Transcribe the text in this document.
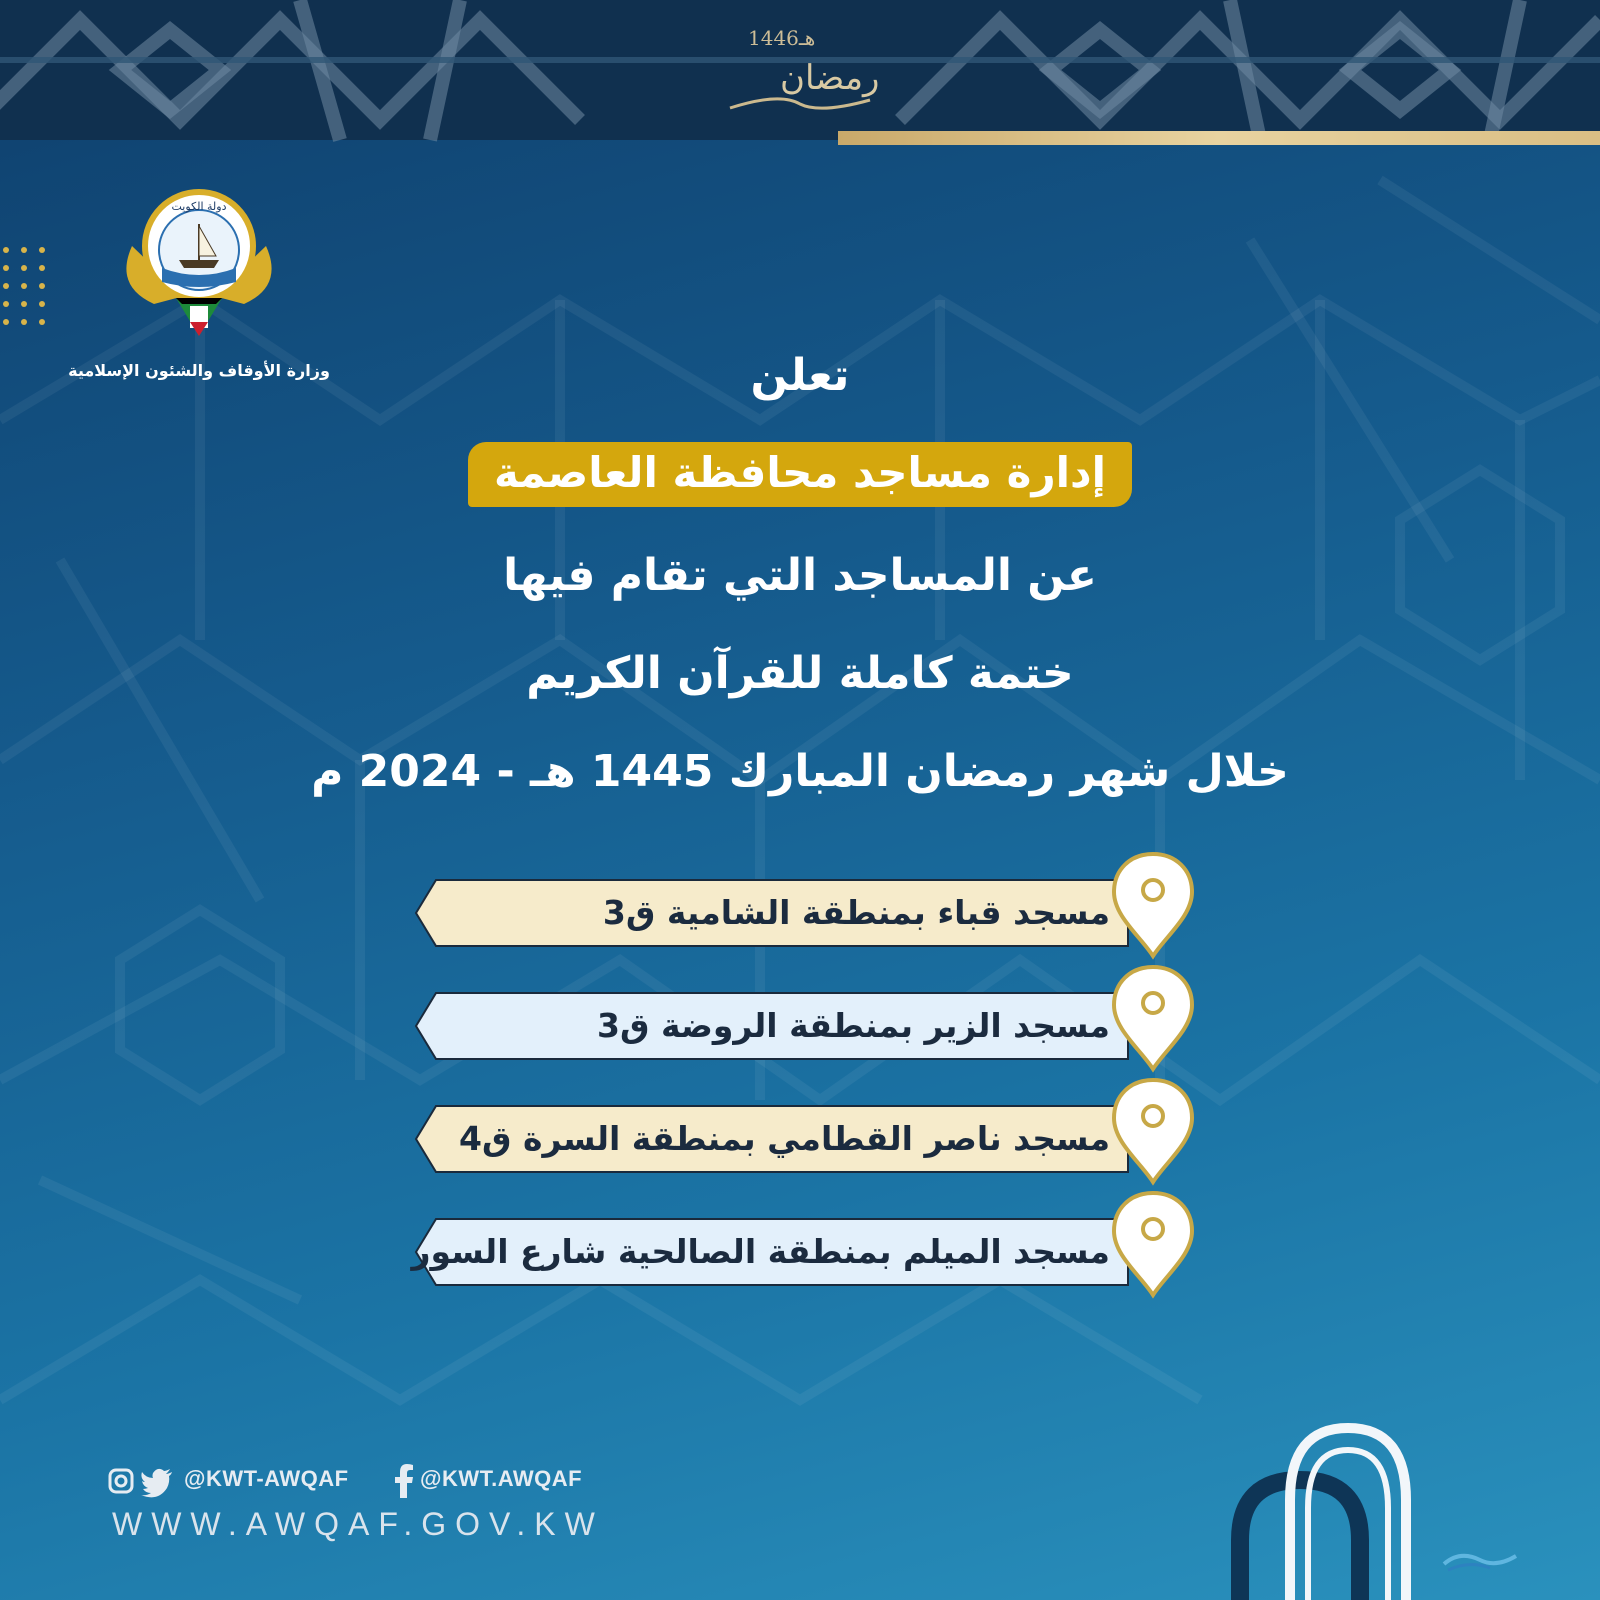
1446هـ
رمضان
دولة الكويت
وزارة الأوقاف والشئون الإسلامية	تعلن
إدارة مساجد محافظة العاصمة
عن المساجد التي تقام فيها
ختمة كاملة للقرآن الكريم
خلال شهر رمضان المبارك 1445 هـ - 2024 م
مسجد قباء بمنطقة الشامية ق3
مسجد الزير بمنطقة الروضة ق3
مسجد ناصر القطامي بمنطقة السرة ق4
مسجد الميلم بمنطقة الصالحية شارع السور
@KWT-AWQAF	@KWT.AWQAF
WWW.AWQAF.GOV.KW
